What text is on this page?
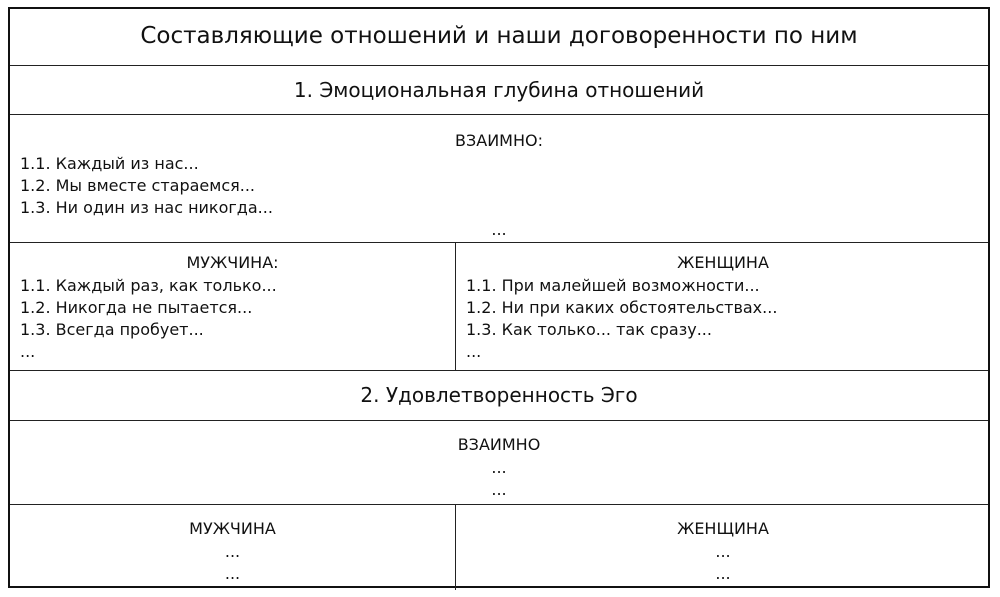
Составляющие отношений и наши договоренности по ним
1. Эмоциональная глубина отношений
ВЗАИМНО:
1.1. Каждый из нас...
1.2. Мы вместе стараемся...
1.3. Ни один из нас никогда...
...
МУЖЧИНА:
1.1. Каждый раз, как только...
1.2. Никогда не пытается...
1.3. Всегда пробует...
...
ЖЕНЩИНА
1.1. При малейшей возможности...
1.2. Ни при каких обстоятельствах...
1.3. Как только... так сразу...
...
2. Удовлетворенность Эго
ВЗАИМНО
...
...
МУЖЧИНА
...
...
ЖЕНЩИНА
...
...
